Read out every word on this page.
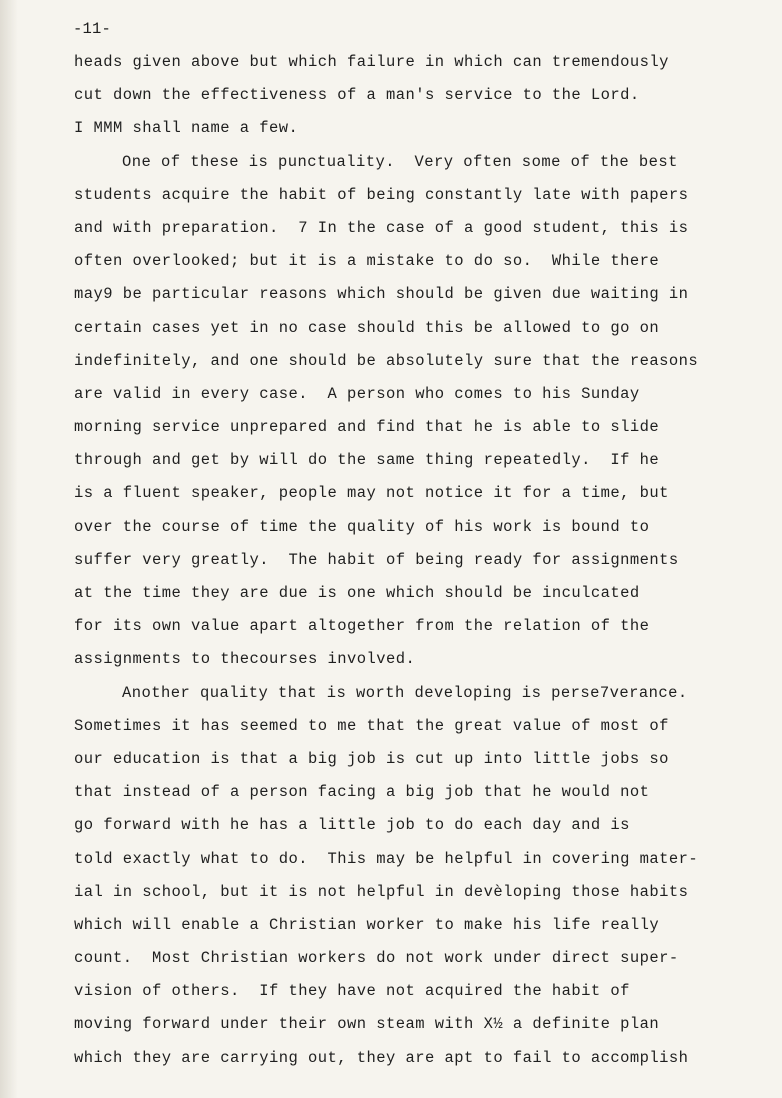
-11-

heads given above but which failure in which can tremendously
cut down the effectiveness of a man's service to the Lord.
I MMM shall name a few.
One of these is punctuality.  Very often some of the best
students acquire the habit of being constantly late with papers
and with preparation.  7 In the case of a good student, this is
often overlooked; but it is a mistake to do so.  While there
may9 be particular reasons which should be given due waiting in
certain cases yet in no case should this be allowed to go on
indefinitely, and one should be absolutely sure that the reasons
are valid in every case.  A person who comes to his Sunday
morning service unprepared and find that he is able to slide
through and get by will do the same thing repeatedly.  If he
is a fluent speaker, people may not notice it for a time, but
over the course of time the quality of his work is bound to
suffer very greatly.  The habit of being ready for assignments
at the time they are due is one which should be inculcated
for its own value apart altogether from the relation of the
assignments to thecourses involved.
Another quality that is worth developing is perse7verance.
Sometimes it has seemed to me that the great value of most of
our education is that a big job is cut up into little jobs so
that instead of a person facing a big job that he would not
go forward with he has a little job to do each day and is
told exactly what to do.  This may be helpful in covering mater-
ial in school, but it is not helpful in devèloping those habits
which will enable a Christian worker to make his life really
count.  Most Christian workers do not work under direct super-
vision of others.  If they have not acquired the habit of
moving forward under their own steam with X½ a definite plan
which they are carrying out, they are apt to fail to accomplish
